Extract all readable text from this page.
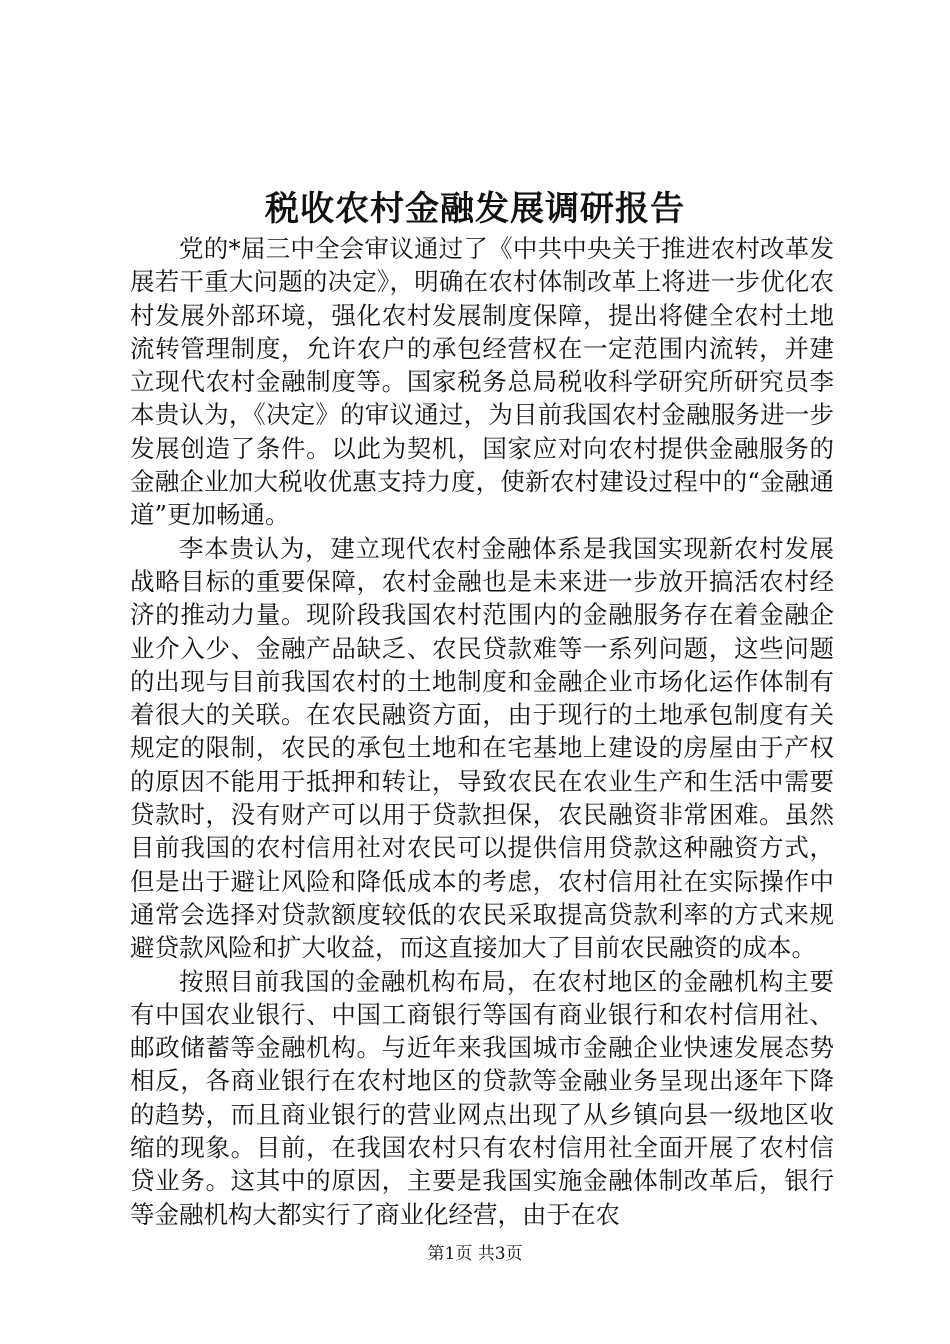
税收农村金融发展调研报告

党的*届三中全会审议通过了《中共中央关于推进农村改革发展若干重大问题的决定》，明确在农村体制改革上将进一步优化农村发展外部环境，强化农村发展制度保障，提出将健全农村土地流转管理制度，允许农户的承包经营权在一定范围内流转，并建立现代农村金融制度等。国家税务总局税收科学研究所研究员李本贵认为，《决定》的审议通过，为目前我国农村金融服务进一步发展创造了条件。以此为契机，国家应对向农村提供金融服务的金融企业加大税收优惠支持力度，使新农村建设过程中的“金融通道”更加畅通。

李本贵认为，建立现代农村金融体系是我国实现新农村发展战略目标的重要保障，农村金融也是未来进一步放开搞活农村经济的推动力量。现阶段我国农村范围内的金融服务存在着金融企业介入少、金融产品缺乏、农民贷款难等一系列问题，这些问题的出现与目前我国农村的土地制度和金融企业市场化运作体制有着很大的关联。在农民融资方面，由于现行的土地承包制度有关规定的限制，农民的承包土地和在宅基地上建设的房屋由于产权的原因不能用于抵押和转让，导致农民在农业生产和生活中需要贷款时，没有财产可以用于贷款担保，农民融资非常困难。虽然目前我国的农村信用社对农民可以提供信用贷款这种融资方式，但是出于避让风险和降低成本的考虑，农村信用社在实际操作中通常会选择对贷款额度较低的农民采取提高贷款利率的方式来规避贷款风险和扩大收益，而这直接加大了目前农民融资的成本。

按照目前我国的金融机构布局，在农村地区的金融机构主要有中国农业银行、中国工商银行等国有商业银行和农村信用社、邮政储蓄等金融机构。与近年来我国城市金融企业快速发展态势相反，各商业银行在农村地区的贷款等金融业务呈现出逐年下降的趋势，而且商业银行的营业网点出现了从乡镇向县一级地区收缩的现象。目前，在我国农村只有农村信用社全面开展了农村信贷业务。这其中的原因，主要是我国实施金融体制改革后，银行等金融机构大都实行了商业化经营，由于在农

第1页 共3页
